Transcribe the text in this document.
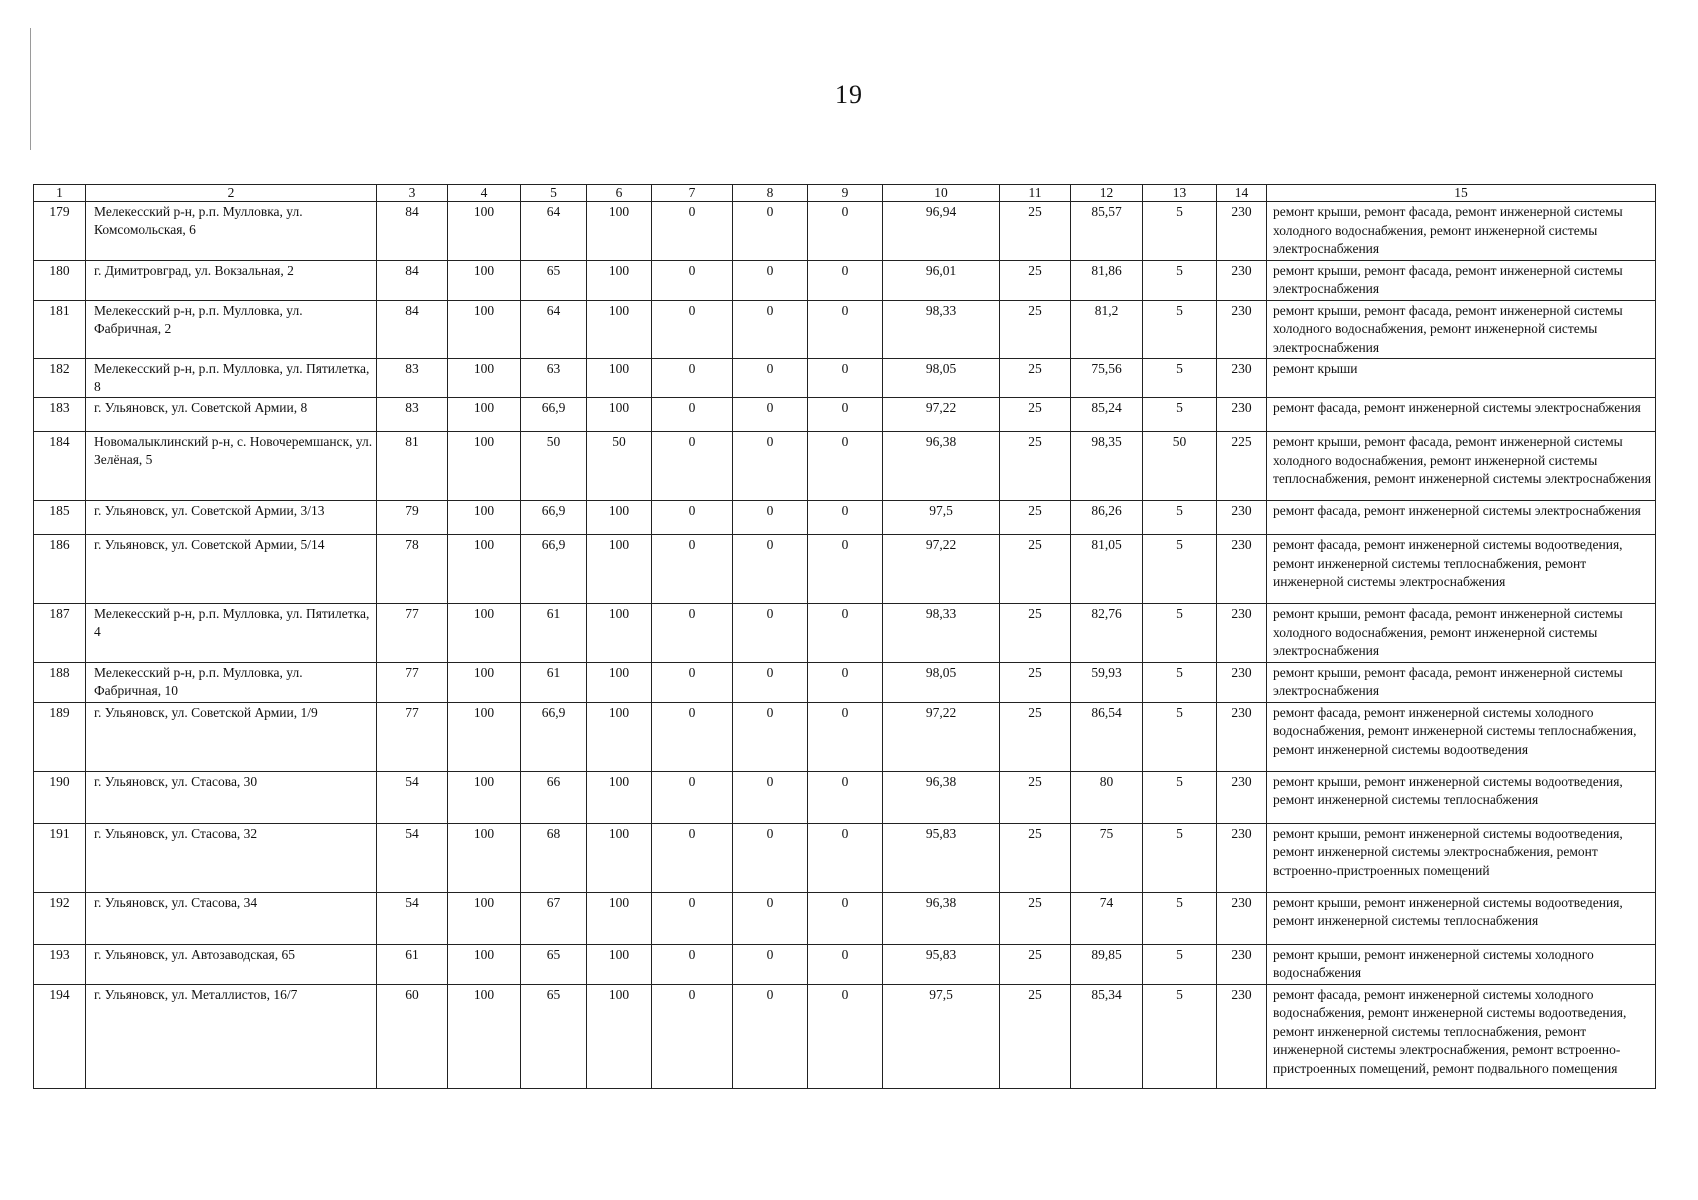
19
1	2	3	4	5	6	7	8	9	10	11	12	13	14	15
179	Мелекесский р-н, р.п. Мулловка, ул. Комсомольская, 6	84	100	64	100	0	0	0	96,94	25	85,57	5	230	ремонт крыши, ремонт фасада, ремонт инженерной системы холодного водоснабжения, ремонт инженерной системы электроснабжения
180	г. Димитровград, ул. Вокзальная, 2	84	100	65	100	0	0	0	96,01	25	81,86	5	230	ремонт крыши, ремонт фасада, ремонт инженерной системы электроснабжения
181	Мелекесский р-н, р.п. Мулловка, ул. Фабричная, 2	84	100	64	100	0	0	0	98,33	25	81,2	5	230	ремонт крыши, ремонт фасада, ремонт инженерной системы холодного водоснабжения, ремонт инженерной системы электроснабжения
182	Мелекесский р-н, р.п. Мулловка, ул. Пятилетка, 8	83	100	63	100	0	0	0	98,05	25	75,56	5	230	ремонт крыши
183	г. Ульяновск, ул. Советской Армии, 8	83	100	66,9	100	0	0	0	97,22	25	85,24	5	230	ремонт фасада, ремонт инженерной системы электроснабжения
184	Новомалыклинский р-н, с. Новочеремшанск, ул. Зелёная, 5	81	100	50	50	0	0	0	96,38	25	98,35	50	225	ремонт крыши, ремонт фасада, ремонт инженерной системы холодного водоснабжения, ремонт инженерной системы теплоснабжения, ремонт инженерной системы электроснабжения
185	г. Ульяновск, ул. Советской Армии, 3/13	79	100	66,9	100	0	0	0	97,5	25	86,26	5	230	ремонт фасада, ремонт инженерной системы электроснабжения
186	г. Ульяновск, ул. Советской Армии, 5/14	78	100	66,9	100	0	0	0	97,22	25	81,05	5	230	ремонт фасада, ремонт инженерной системы водоотведения, ремонт инженерной системы теплоснабжения, ремонт инженерной системы электроснабжения
187	Мелекесский р-н, р.п. Мулловка, ул. Пятилетка, 4	77	100	61	100	0	0	0	98,33	25	82,76	5	230	ремонт крыши, ремонт фасада, ремонт инженерной системы холодного водоснабжения, ремонт инженерной системы электроснабжения
188	Мелекесский р-н, р.п. Мулловка, ул. Фабричная, 10	77	100	61	100	0	0	0	98,05	25	59,93	5	230	ремонт крыши, ремонт фасада, ремонт инженерной системы электроснабжения
189	г. Ульяновск, ул. Советской Армии, 1/9	77	100	66,9	100	0	0	0	97,22	25	86,54	5	230	ремонт фасада, ремонт инженерной системы холодного водоснабжения, ремонт инженерной системы теплоснабжения, ремонт инженерной системы водоотведения
190	г. Ульяновск, ул. Стасова, 30	54	100	66	100	0	0	0	96,38	25	80	5	230	ремонт крыши, ремонт инженерной системы водоотведения, ремонт инженерной системы теплоснабжения
191	г. Ульяновск, ул. Стасова, 32	54	100	68	100	0	0	0	95,83	25	75	5	230	ремонт крыши, ремонт инженерной системы водоотведения, ремонт инженерной системы электроснабжения, ремонт встроенно-пристроенных помещений
192	г. Ульяновск, ул. Стасова, 34	54	100	67	100	0	0	0	96,38	25	74	5	230	ремонт крыши, ремонт инженерной системы водоотведения, ремонт инженерной системы теплоснабжения
193	г. Ульяновск, ул. Автозаводская, 65	61	100	65	100	0	0	0	95,83	25	89,85	5	230	ремонт крыши, ремонт инженерной системы холодного водоснабжения
194	г. Ульяновск, ул. Металлистов, 16/7	60	100	65	100	0	0	0	97,5	25	85,34	5	230	ремонт фасада, ремонт инженерной системы холодного водоснабжения, ремонт инженерной системы водоотведения, ремонт инженерной системы теплоснабжения, ремонт инженерной системы электроснабжения, ремонт встроенно-пристроенных помещений, ремонт подвального помещения
